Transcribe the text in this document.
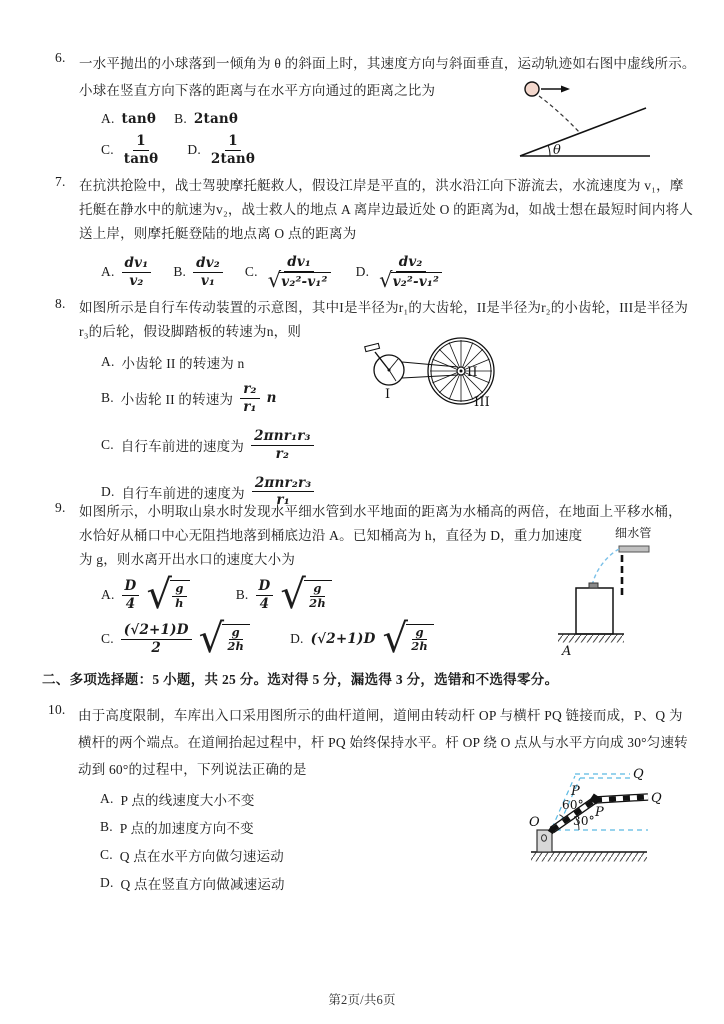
6. 一水平抛出的小球落到一倾角为 θ 的斜面上时，其速度方向与斜面垂直，运动轨迹如右图中虚线所示。
小球在竖直方向下落的距离与在水平方向通过的距离之比为
A. tanθ B. 2tanθ
C. $\frac{1}{\tan\theta} D$. $\frac{1}{2\tan\theta}$	θ
7. 在抗洪抢险中，战士驾驶摩托艇救人，假设江岸是平直的，洪水沿江向下游流去，水流速度为 v₁，摩
托艇在静水中的航速为v₂，战士救人的地点 A 离岸边最近处 O 的距离为d，如战士想在最短时间内将人
送上岸，则摩托艇登陆的地点离 O 点的距离为
A. $\frac{\text{dv₁}}{\text{v₂}} B$. $\frac{\text{dv₂}}{\text{v₁}} C$. $\frac{\text{dv₁}}{\text{√ v₂²-v₁²}} D$. $\frac{\text{dv₂}}{\text{√ v₂²-v₁²}}$
8. 如图所示是自行车传动装置的示意图，其中I是半径为r₁的大齿轮，II是半径为r₂的小齿轮，III是半径为
r₃的后轮，假设脚踏板的转速为n，则
A. 小齿轮 II 的转速为 n
B. 小齿轮 II 的转速为 $\frac{\text{r₂}}{\text{r₁}}$ n
C. 自行车前进的速度为 $\frac{\text{2πnr₁r₃}}{\text{r₂}}$
D. 自行车前进的速度为 $\frac{\text{2πnr₂r₃}}{\text{r₁}}$
I
II
III
9. 如图所示，小明取山泉水时发现水平细水管到水平地面的距离为水桶高的两倍，在地面上平移水桶，
水恰好从桶口中心无阻挡地落到桶底边沿 A。已知桶高为 h，直径为 D，重力加速度
为 g，则水离开出水口的速度大小为
A. $\frac{D}{4}$ √ $\frac{g}{h}$	B. $\frac{D}{4}$ √ $\frac{g}{2h}$
C. $\frac{(√2+1)D}{2}$ √ $\frac{g}{2h}$	D. (√2+1)D √ $\frac{g}{2h}$
细水管
A
二、多项选择题：5 小题，共 25 分。选对得 5 分，漏选得 3 分，选错和不选得零分。
10. 由于高度限制，车库出入口采用图所示的曲杆道闸，道闸由转动杆 OP 与横杆 PQ 链接而成，P、Q 为
横杆的两个端点。在道闸抬起过程中，杆 PQ 始终保持水平。杆 OP 绕 O 点从与水平方向成 30°匀速转
动到 60°的过程中，下列说法正确的是
A. P 点的线速度大小不变
B. P 点的加速度方向不变
C. Q 点在水平方向做匀速运动
D. Q 点在竖直方向做减速运动
O
P
P
Q
Q
60°
30°
第2页/共6页
